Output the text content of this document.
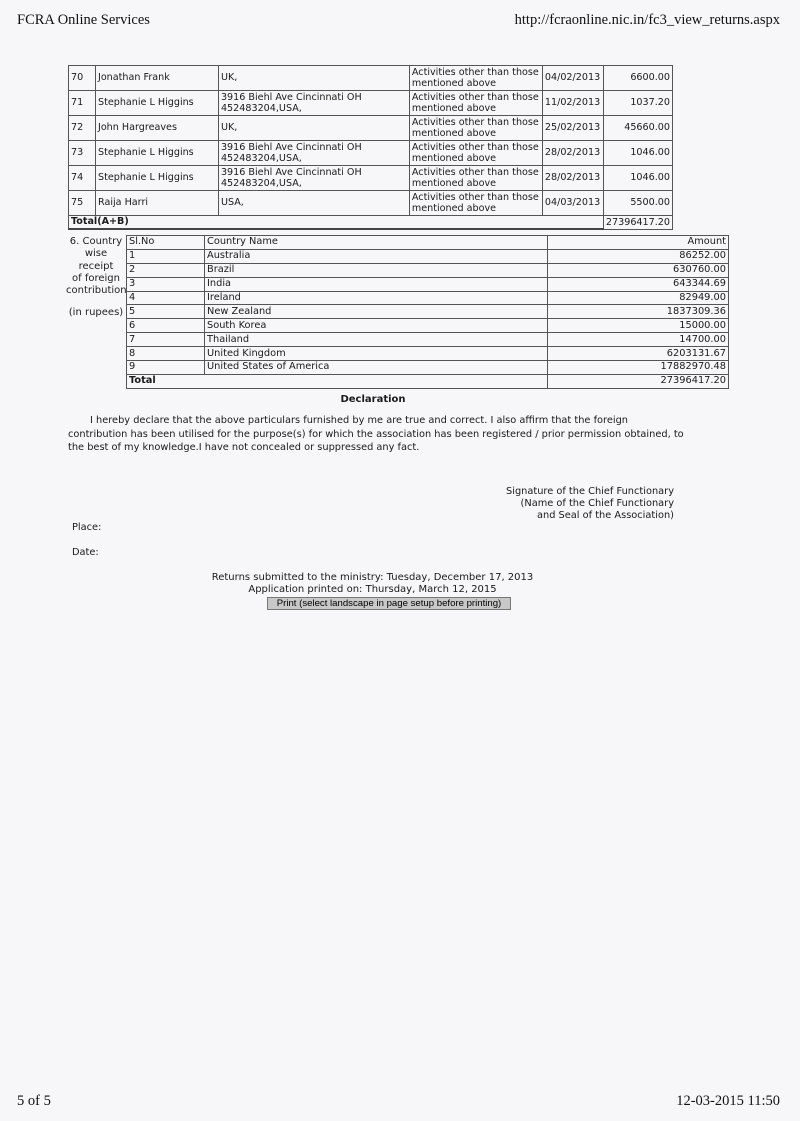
FCRA Online Services	http://fcraonline.nic.in/fc3_view_returns.aspx
70	Jonathan Frank	UK,	Activities other than those mentioned above	04/02/2013	6600.00
71	Stephanie L Higgins	3916 Biehl Ave Cincinnati OH 452483204,USA,	Activities other than those mentioned above	11/02/2013	1037.20
72	John Hargreaves	UK,	Activities other than those mentioned above	25/02/2013	45660.00
73	Stephanie L Higgins	3916 Biehl Ave Cincinnati OH 452483204,USA,	Activities other than those mentioned above	28/02/2013	1046.00
74	Stephanie L Higgins	3916 Biehl Ave Cincinnati OH 452483204,USA,	Activities other than those mentioned above	28/02/2013	1046.00
75	Raija Harri	USA,	Activities other than those mentioned above	04/03/2013	5500.00
Total(A+B)					27396417.20
6. Country
wise receipt
of foreign
contribution

(in rupees)
Sl.No	Country Name	Amount
1	Australia	86252.00
2	Brazil	630760.00
3	India	643344.69
4	Ireland	82949.00
5	New Zealand	1837309.36
6	South Korea	15000.00
7	Thailand	14700.00
8	United Kingdom	6203131.67
9	United States of America	17882970.48
Total		27396417.20
Declaration
I hereby declare that the above particulars furnished by me are true and correct. I also affirm that the foreign contribution has been utilised for the purpose(s) for which the association has been registered / prior permission obtained, to the best of my knowledge.I have not concealed or suppressed any fact.
Signature of the Chief Functionary
(Name of the Chief Functionary
and Seal of the Association)
Place:
Date:
Returns submitted to the ministry: Tuesday, December 17, 2013
Application printed on: Thursday, March 12, 2015
Print (select landscape in page setup before printing)
5 of 5	12-03-2015 11:50
